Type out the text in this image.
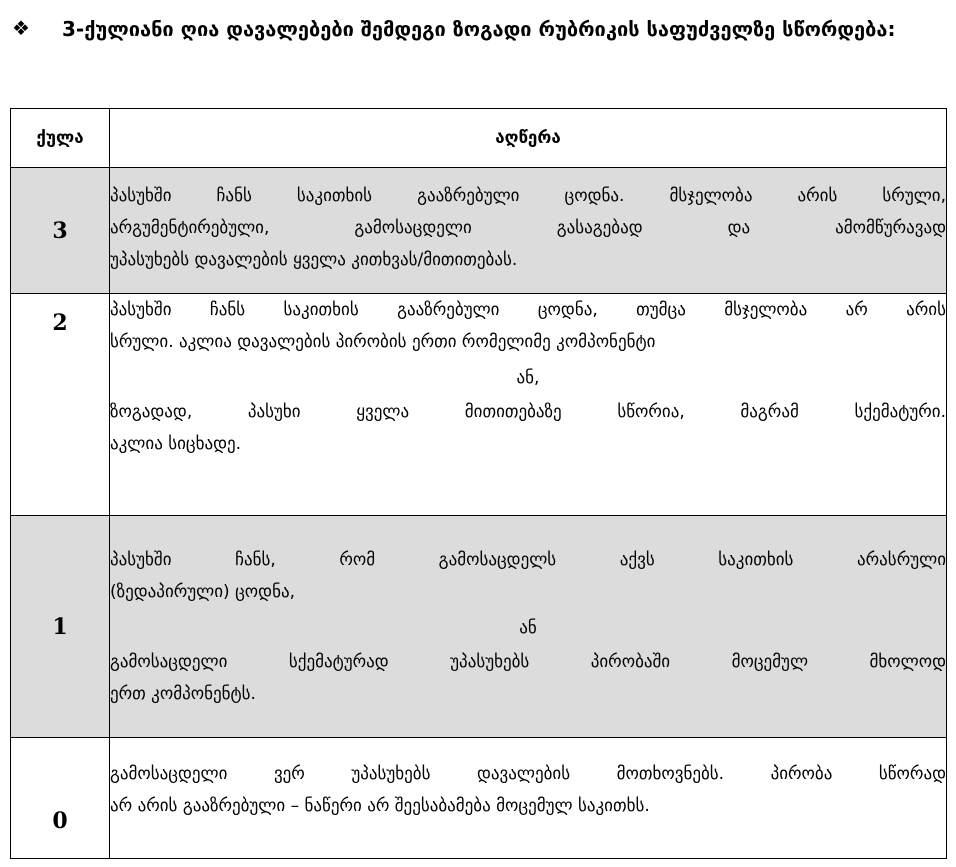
❖ 3-ქულიანი ღია დავალებები შემდეგი ზოგადი რუბრიკის საფუძველზე სწორდება:
ქულა	აღწერა
3	პასუხში ჩანს საკითხის გააზრებული ცოდნა. მსჯელობა არის სრული,

არგუმენტირებული, გამოსაცდელი გასაგებად და ამომწურავად

უპასუხებს დავალების ყველა კითხვას/მითითებას.

2	პასუხში ჩანს საკითხის გააზრებული ცოდნა, თუმცა მსჯელობა არ არის

სრული. აკლია დავალების პირობის ერთი რომელიმე კომპონენტი

ან,

ზოგადად, პასუხი ყველა მითითებაზე სწორია, მაგრამ სქემატური.

აკლია სიცხადე.

1	პასუხში ჩანს, რომ გამოსაცდელს აქვს საკითხის არასრული

(ზედაპირული) ცოდნა,

ან

გამოსაცდელი სქემატურად უპასუხებს პირობაში მოცემულ მხოლოდ

ერთ კომპონენტს.

0	გამოსაცდელი ვერ უპასუხებს დავალების მოთხოვნებს. პირობა სწორად

არ არის გააზრებული – ნაწერი არ შეესაბამება მოცემულ საკითხს.
